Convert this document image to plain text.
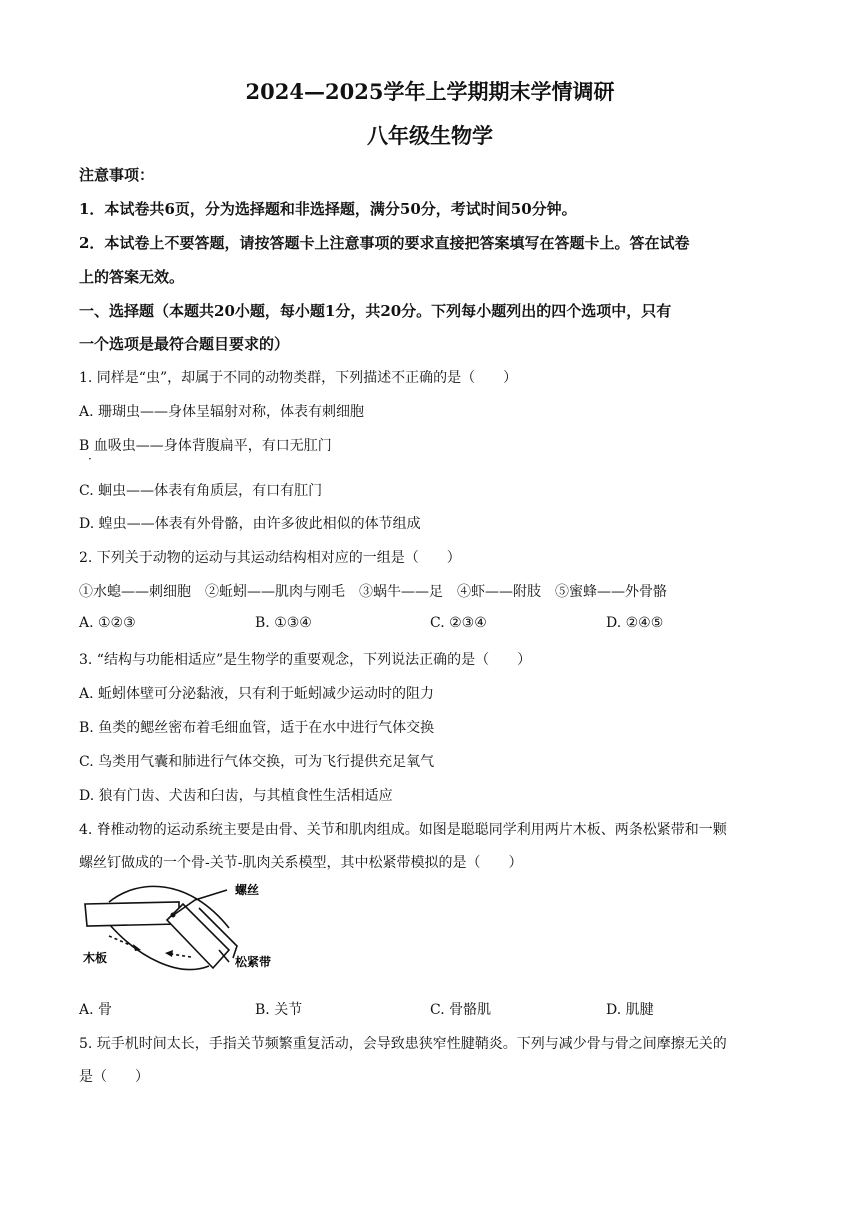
2024—2025学年上学期期末学情调研
八年级生物学
注意事项：
1．本试卷共6页，分为选择题和非选择题，满分50分，考试时间50分钟。
2．本试卷上不要答题，请按答题卡上注意事项的要求直接把答案填写在答题卡上。答在试卷
上的答案无效。
一、选择题（本题共20小题，每小题1分，共20分。下列每小题列出的四个选项中，只有
一个选项是最符合题目要求的）
1. 同样是“虫”，却属于不同的动物类群，下列描述不正确的是（　　）
A. 珊瑚虫——身体呈辐射对称，体表有刺细胞
B 血吸虫——身体背腹扁平，有口无肛门
·
C. 蛔虫——体表有角质层，有口有肛门
D. 蝗虫——体表有外骨骼，由许多彼此相似的体节组成
2. 下列关于动物的运动与其运动结构相对应的一组是（　　）
①水螅——刺细胞　②蚯蚓——肌肉与刚毛　③蜗牛——足　④虾——附肢　⑤蜜蜂——外骨骼
A. ①②③	B. ①③④	C. ②③④	D. ②④⑤
3. “结构与功能相适应”是生物学的重要观念，下列说法正确的是（　　）
A. 蚯蚓体壁可分泌黏液，只有利于蚯蚓减少运动时的阻力
B. 鱼类的鳃丝密布着毛细血管，适于在水中进行气体交换
C. 鸟类用气囊和肺进行气体交换，可为飞行提供充足氧气
D. 狼有门齿、犬齿和臼齿，与其植食性生活相适应
4. 脊椎动物的运动系统主要是由骨、关节和肌肉组成。如图是聪聪同学利用两片木板、两条松紧带和一颗
螺丝钉做成的一个骨-关节-肌肉关系模型，其中松紧带模拟的是（　　）
螺丝
木板	松紧带
A. 骨	B. 关节	C. 骨骼肌	D. 肌腱
5. 玩手机时间太长，手指关节频繁重复活动，会导致患狭窄性腱鞘炎。下列与减少骨与骨之间摩擦无关的
是（　　）
